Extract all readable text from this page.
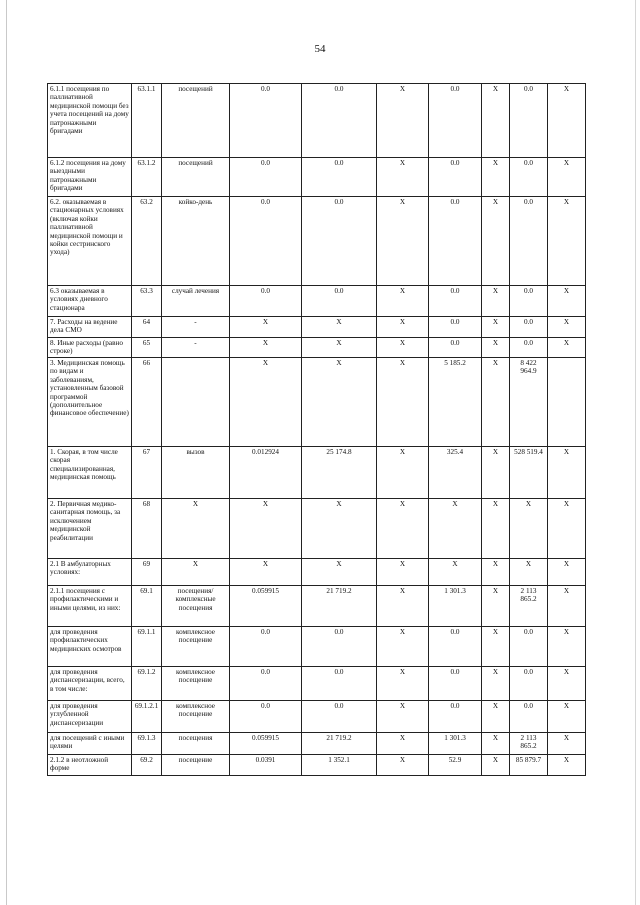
54
6.1.1 посещения по паллиативной медицинской помощи без учета посещений на дому патронажными бригадами	63.1.1	посещений	0.0	0.0	X	0.0	X	0.0	X
6.1.2 посещения на дому выездными патронажными бригадами	63.1.2	посещений	0.0	0.0	X	0.0	X	0.0	X
6.2. оказываемая в стационарных условиях (включая койки паллиативной медицинской помощи и койки сестринского ухода)	63.2	койко-день	0.0	0.0	X	0.0	X	0.0	X
6.3 оказываемая в условиях дневного стационара	63.3	случай лечения	0.0	0.0	X	0.0	X	0.0	X
7. Расходы на ведение дела СМО	64	-	X	X	X	0.0	X	0.0	X
8. Иные расходы (равно строке)	65	-	X	X	X	0.0	X	0.0	X
3. Медицинская помощь по видам и заболеваниям, установленным базовой программой (дополнительное финансовое обеспечение)	66		X	X	X	5 185.2	X	8 422 964.9	
1. Скорая, в том числе скорая специализированная, медицинская помощь	67	вызов	0.012924	25 174.8	X	325.4	X	528 519.4	X
2. Первичная медико-санитарная помощь, за исключением медицинской реабилитации	68	X	X	X	X	X	X	X	X
2.1 В амбулаторных условиях:	69	X	X	X	X	X	X	X	X
2.1.1 посещения с профилактическими и иными целями, из них:	69.1	посещения/комплексные посещения	0.059915	21 719.2	X	1 301.3	X	2 113 865.2	X
для проведения профилактических медицинских осмотров	69.1.1	комплексное посещение	0.0	0.0	X	0.0	X	0.0	X
для проведения диспансеризации, всего, в том числе:	69.1.2	комплексное посещение	0.0	0.0	X	0.0	X	0.0	X
для проведения углубленной диспансеризации	69.1.2.1	комплексное посещение	0.0	0.0	X	0.0	X	0.0	X
для посещений с иными целями	69.1.3	посещения	0.059915	21 719.2	X	1 301.3	X	2 113 865.2	X
2.1.2 в неотложной форме	69.2	посещение	0.0391	1 352.1	X	52.9	X	85 879.7	X
